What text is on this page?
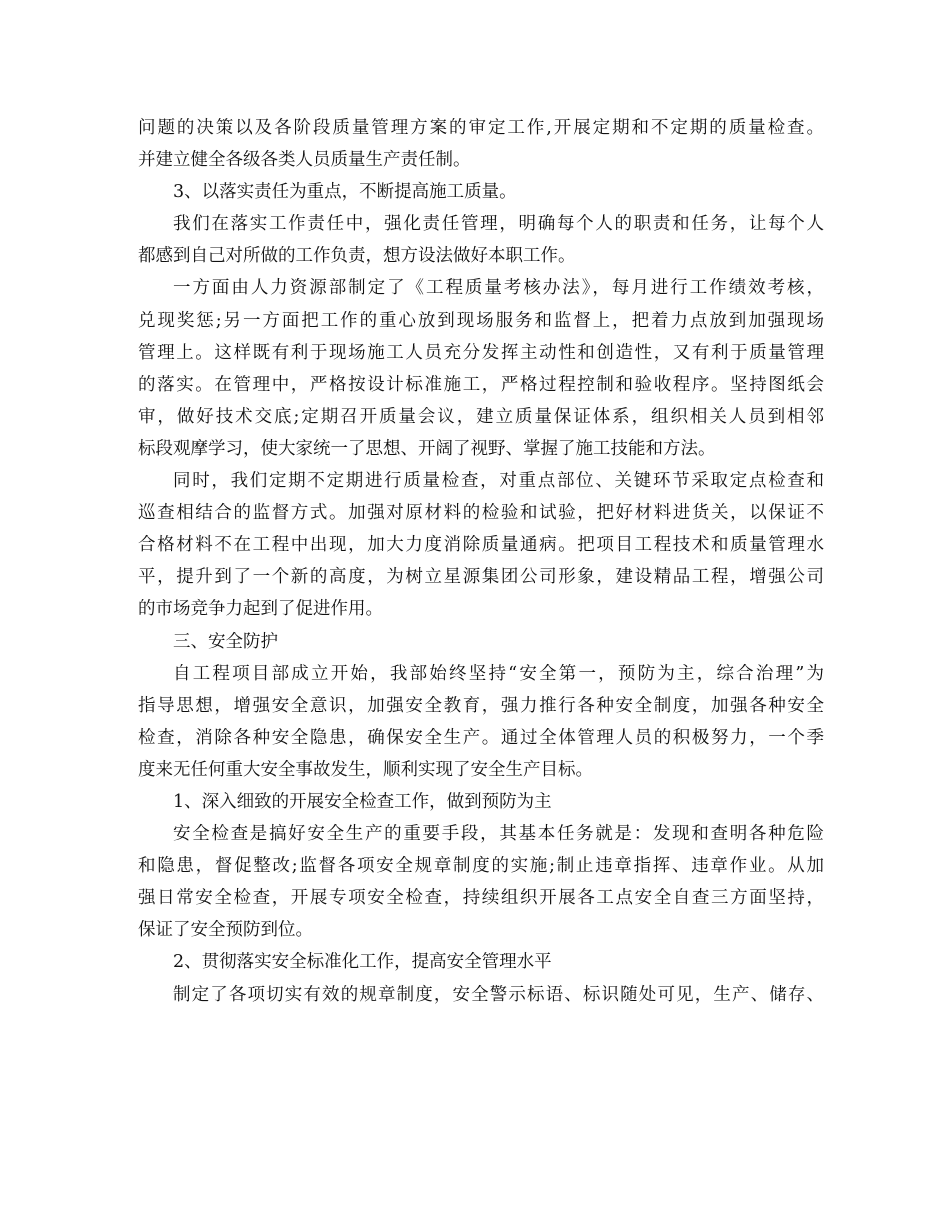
问题的决策以及各阶段质量管理方案的审定工作,开展定期和不定期的质量检查。
并建立健全各级各类人员质量生产责任制。
3、以落实责任为重点，不断提高施工质量。
我们在落实工作责任中，强化责任管理，明确每个人的职责和任务，让每个人
都感到自己对所做的工作负责，想方设法做好本职工作。
一方面由人力资源部制定了《工程质量考核办法》，每月进行工作绩效考核，
兑现奖惩;另一方面把工作的重心放到现场服务和监督上，把着力点放到加强现场
管理上。这样既有利于现场施工人员充分发挥主动性和创造性，又有利于质量管理
的落实。在管理中，严格按设计标准施工，严格过程控制和验收程序。坚持图纸会
审，做好技术交底;定期召开质量会议，建立质量保证体系，组织相关人员到相邻
标段观摩学习，使大家统一了思想、开阔了视野、掌握了施工技能和方法。
同时，我们定期不定期进行质量检查，对重点部位、关键环节采取定点检查和
巡查相结合的监督方式。加强对原材料的检验和试验，把好材料进货关，以保证不
合格材料不在工程中出现，加大力度消除质量通病。把项目工程技术和质量管理水
平，提升到了一个新的高度，为树立星源集团公司形象，建设精品工程，增强公司
的市场竞争力起到了促进作用。
三、安全防护
自工程项目部成立开始，我部始终坚持“安全第一，预防为主，综合治理”为
指导思想，增强安全意识，加强安全教育，强力推行各种安全制度，加强各种安全
检查，消除各种安全隐患，确保安全生产。通过全体管理人员的积极努力，一个季
度来无任何重大安全事故发生，顺利实现了安全生产目标。
1、深入细致的开展安全检查工作，做到预防为主
安全检查是搞好安全生产的重要手段，其基本任务就是：发现和查明各种危险
和隐患，督促整改;监督各项安全规章制度的实施;制止违章指挥、违章作业。从加
强日常安全检查，开展专项安全检查，持续组织开展各工点安全自查三方面坚持，
保证了安全预防到位。
2、贯彻落实安全标准化工作，提高安全管理水平
制定了各项切实有效的规章制度，安全警示标语、标识随处可见，生产、储存、
